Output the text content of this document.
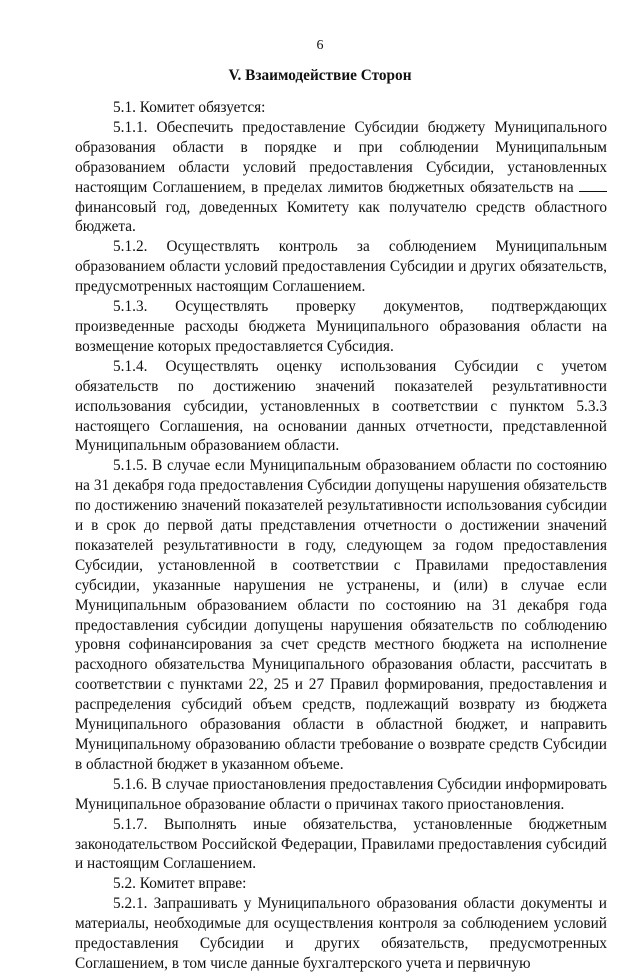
6
V. Взаимодействие Сторон

5.1. Комитет обязуется:

5.1.1. Обеспечить предоставление Субсидии бюджету Муниципального образования области в порядке и при соблюдении Муниципальным образованием области условий предоставления Субсидии, установленных настоящим Соглашением, в пределах лимитов бюджетных обязательств на  финансовый год, доведенных Комитету как получателю средств областного бюджета.

5.1.2. Осуществлять контроль за соблюдением Муниципальным образованием области условий предоставления Субсидии и других обязательств, предусмотренных настоящим Соглашением.

5.1.3. Осуществлять проверку документов, подтверждающих произведенные расходы бюджета Муниципального образования области на возмещение которых предоставляется Субсидия.

5.1.4. Осуществлять оценку использования Субсидии с учетом обязательств по достижению значений показателей результативности использования субсидии, установленных в соответствии с пунктом 5.3.3 настоящего Соглашения, на основании данных отчетности, представленной Муниципальным образованием области.

5.1.5. В случае если Муниципальным образованием области по состоянию на 31 декабря года предоставления Субсидии допущены нарушения обязательств по достижению значений показателей результативности использования субсидии и в срок до первой даты представления отчетности о достижении значений показателей результативности в году, следующем за годом предоставления Субсидии, установленной в соответствии с Правилами предоставления субсидии, указанные нарушения не устранены, и (или) в случае если Муниципальным образованием области по состоянию на 31 декабря года предоставления субсидии допущены нарушения обязательств по соблюдению уровня софинансирования за счет средств местного бюджета на исполнение расходного обязательства Муниципального образования области, рассчитать в соответствии с пунктами 22, 25 и 27 Правил формирования, предоставления и распределения субсидий объем средств, подлежащий возврату из бюджета Муниципального образования области в областной бюджет, и направить Муниципальному образованию области требование о возврате средств Субсидии в областной бюджет в указанном объеме.

5.1.6. В случае приостановления предоставления Субсидии информировать Муниципальное образование области о причинах такого приостановления.

5.1.7. Выполнять иные обязательства, установленные бюджетным законодательством Российской Федерации, Правилами предоставления субсидий и настоящим Соглашением.

5.2. Комитет вправе:

5.2.1. Запрашивать у Муниципального образования области документы и материалы, необходимые для осуществления контроля за соблюдением условий предоставления Субсидии и других обязательств, предусмотренных Соглашением, в том числе данные бухгалтерского учета и первичную
